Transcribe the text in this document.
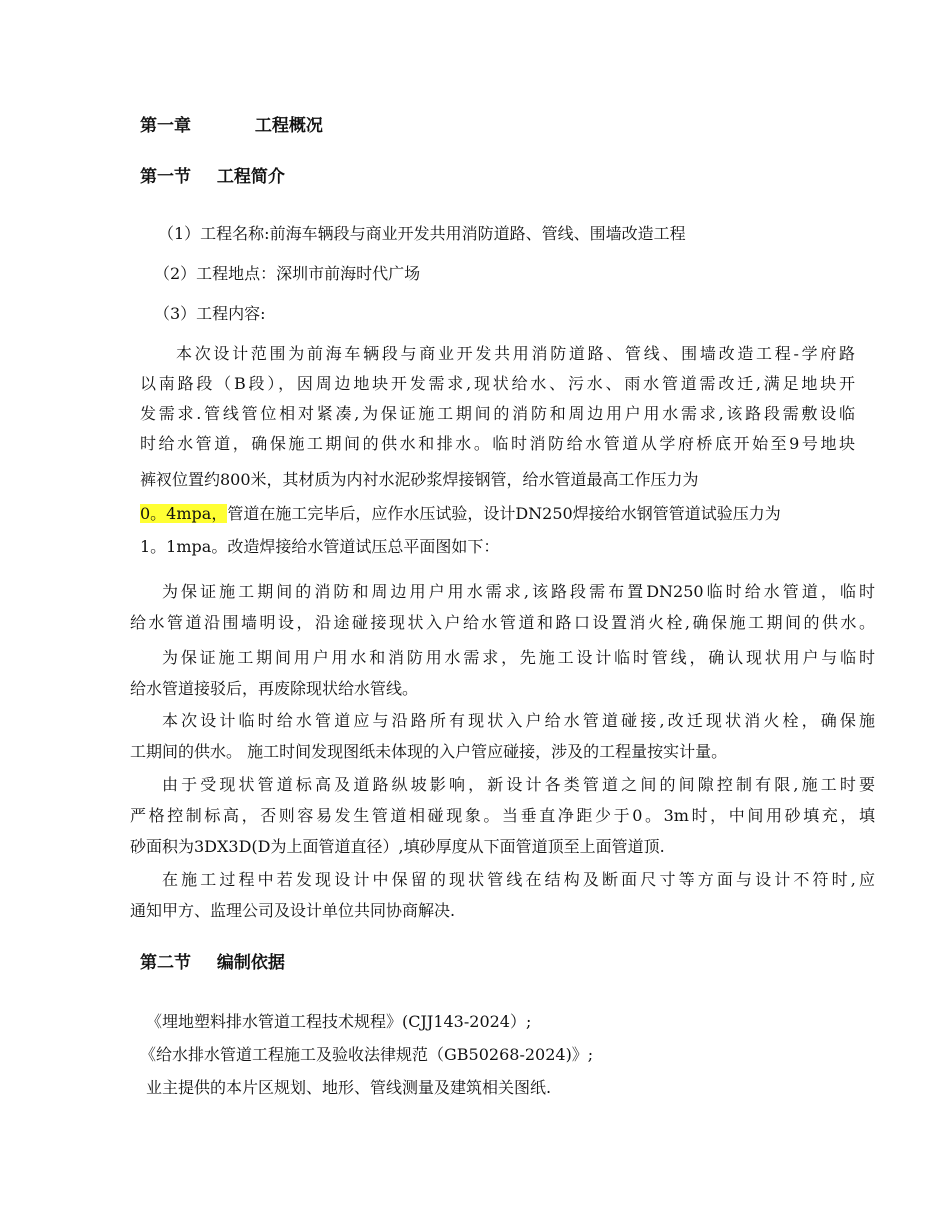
第一章	工程概况
第一节 工程简介
（1）工程名称:前海车辆段与商业开发共用消防道路、管线、围墙改造工程
（2）工程地点：深圳市前海时代广场
（3）工程内容:
本次设计范围为前海车辆段与商业开发共用消防道路、管线、围墙改造工程-学府路
以南路段（B段），因周边地块开发需求,现状给水、污水、雨水管道需改迁,满足地块开
发需求.管线管位相对紧凑,为保证施工期间的消防和周边用户用水需求,该路段需敷设临
时给水管道，确保施工期间的供水和排水。临时消防给水管道从学府桥底开始至9号地块
裤衩位置约800米，其材质为内衬水泥砂浆焊接钢管，给水管道最高工作压力为
0。4mpa，管道在施工完毕后，应作水压试验，设计DN250焊接给水钢管管道试验压力为
1。1mpa。改造焊接给水管道试压总平面图如下：
为保证施工期间的消防和周边用户用水需求,该路段需布置DN250临时给水管道，临时
给水管道沿围墙明设，沿途碰接现状入户给水管道和路口设置消火栓,确保施工期间的供水。
为保证施工期间用户用水和消防用水需求，先施工设计临时管线，确认现状用户与临时
给水管道接驳后，再废除现状给水管线。
本次设计临时给水管道应与沿路所有现状入户给水管道碰接,改迁现状消火栓，确保施
工期间的供水。 施工时间发现图纸未体现的入户管应碰接，涉及的工程量按实计量。
由于受现状管道标高及道路纵坡影响，新设计各类管道之间的间隙控制有限,施工时要
严格控制标高，否则容易发生管道相碰现象。当垂直净距少于0。3m时，中间用砂填充，填
砂面积为3DX3D(D为上面管道直径）,填砂厚度从下面管道顶至上面管道顶.
在施工过程中若发现设计中保留的现状管线在结构及断面尺寸等方面与设计不符时,应
通知甲方、监理公司及设计单位共同协商解决.
第二节 编制依据
《埋地塑料排水管道工程技术规程》(CJJ143-2024）;
《给水排水管道工程施工及验收法律规范（GB50268-2024)》;
业主提供的本片区规划、地形、管线测量及建筑相关图纸.
